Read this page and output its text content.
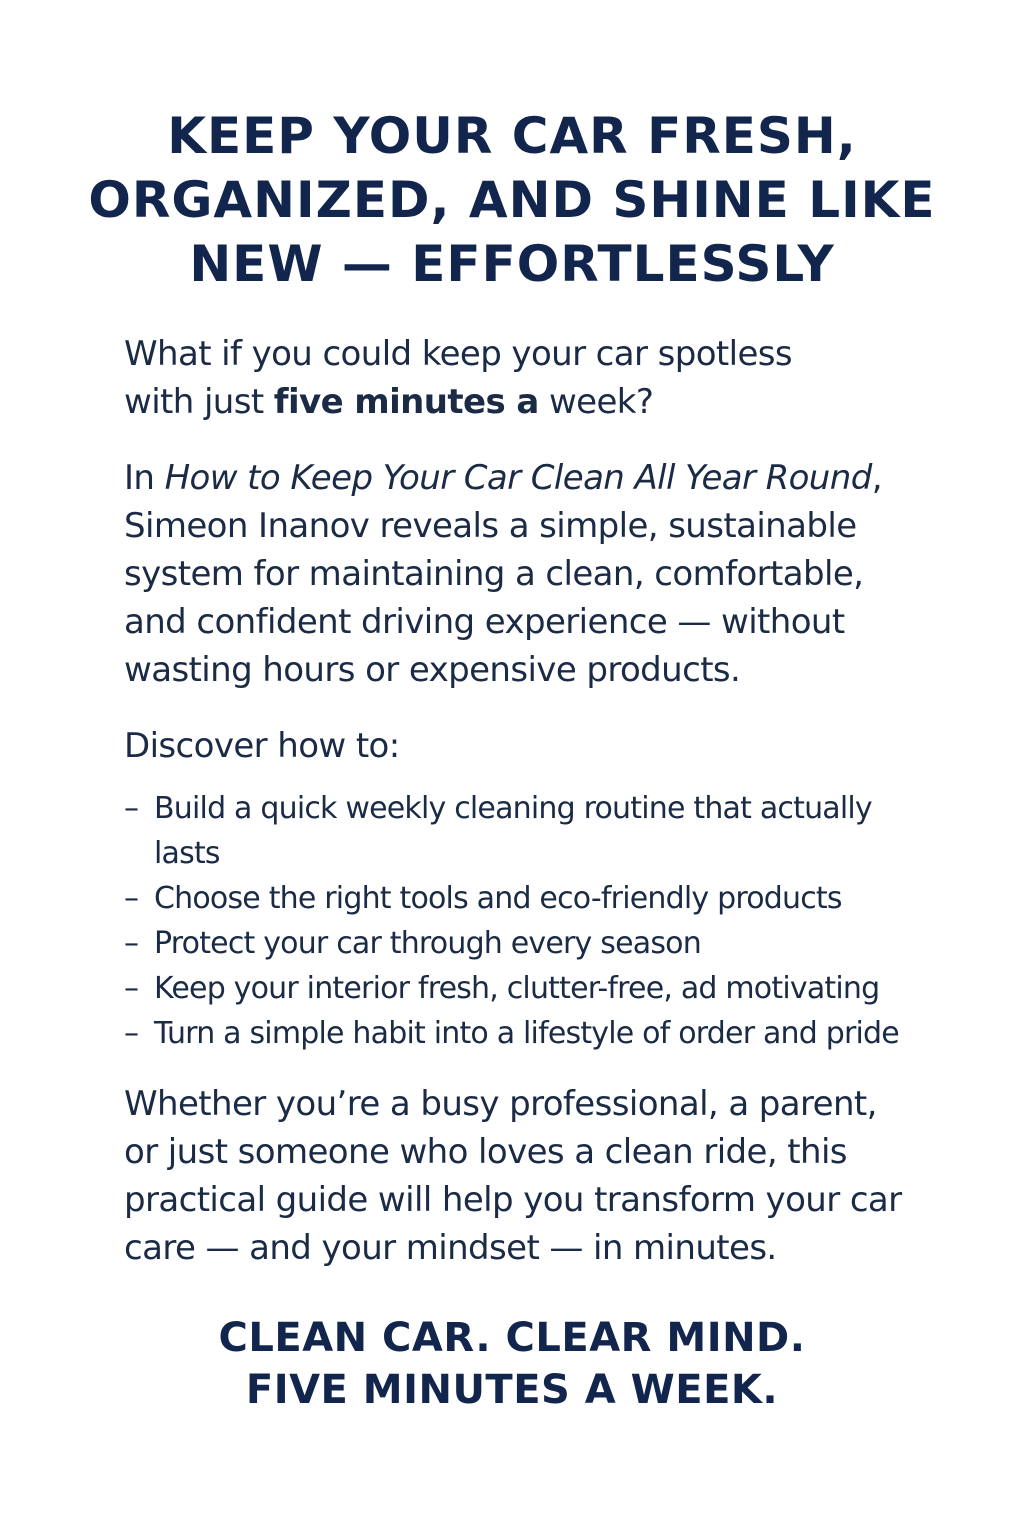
KEEP YOUR CAR FRESH,
ORGANIZED, AND SHINE LIKE
NEW — EFFORTLESSLY

What if you could keep your car spotless
with just five minutes a week?

In How to Keep Your Car Clean All Year Round,
Simeon Inanov reveals a simple, sustainable
system for maintaining a clean, comfortable,
and confident driving experience — without
wasting hours or expensive products.

Discover how to:

– Build a quick weekly cleaning routine that actually
lasts
– Choose the right tools and eco-friendly products
– Protect your car through every season
– Keep your interior fresh, clutter-free, ad motivating
– Turn a simple habit into a lifestyle of order and pride

Whether you’re a busy professional, a parent,
or just someone who loves a clean ride, this
practical guide will help you transform your car
care — and your mindset — in minutes.

CLEAN CAR. CLEAR MIND.
FIVE MINUTES A WEEK.
